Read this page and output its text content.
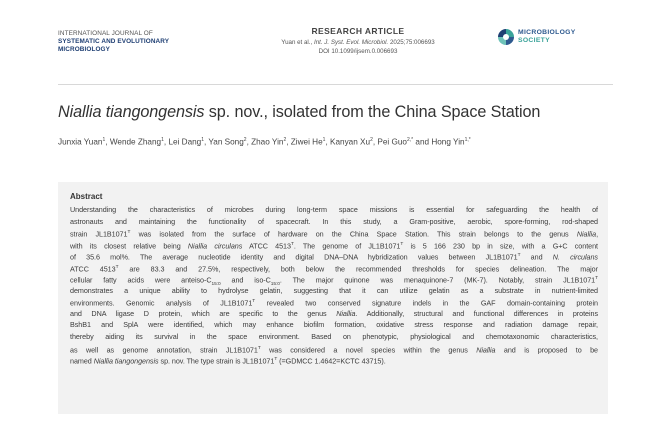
INTERNATIONAL JOURNAL OF
SYSTEMATIC AND EVOLUTIONARY
MICROBIOLOGY
RESEARCH ARTICLE
Yuan et al., Int. J. Syst. Evol. Microbiol. 2025;75:006693
DOI 10.1099/ijsem.0.006693
MICROBIOLOGY
SOCIETY
Niallia tiangongensis sp. nov., isolated from the China Space Station
Junxia Yuan$^1$, Wende Zhang$^1$, Lei Dang$^1$, Yan Song$^2$, Zhao Yin$^2$, Ziwei He$^1$, Kanyan Xu$^2$, Pei Guo$^{2,*}$ and Hong Yin$^{1,*}$
Abstract
Understanding the characteristics of microbes during long-term space missions is essential for safeguarding the health of
astronauts and maintaining the functionality of spacecraft. In this study, a Gram-positive, aerobic, spore-forming, rod-shaped
strain $JL1B1071^T$ was isolated from the surface of hardware on the China Space Station. This strain belongs to the genus Niallia,
with its closest relative being Niallia circulans ATCC $4513^T$. The genome of $JL1B1071^T$ is 5 166 230 bp in size, with a G+C content
of 35.6 mol%. The average nucleotide identity and digital DNA–DNA hybridization values between $JL1B1071^T$ and N. circulans
ATCC $4513^T$ are 83.3 and 27.5%, respectively, both below the recommended thresholds for species delineation. The major
cellular fatty acids were anteiso-$C_{15:0}$ and iso-$C_{15:0}$. The major quinone was menaquinone-7 (MK-7). Notably, strain $JL1B1071^T$
demonstrates a unique ability to hydrolyse gelatin, suggesting that it can utilize gelatin as a substrate in nutrient-limited
environments. Genomic analysis of $JL1B1071^T$ revealed two conserved signature indels in the GAF domain-containing protein
and DNA ligase D protein, which are specific to the genus Niallia. Additionally, structural and functional differences in proteins
BshB1 and SplA were identified, which may enhance biofilm formation, oxidative stress response and radiation damage repair,
thereby aiding its survival in the space environment. Based on phenotypic, physiological and chemotaxonomic characteristics,
as well as genome annotation, strain $JL1B1071^T$ was considered a novel species within the genus Niallia and is proposed to be
named Niallia tiangongensis sp. nov. The type strain is $JL1B1071^T$ (=GDMCC 1.4642=KCTC 43715).
